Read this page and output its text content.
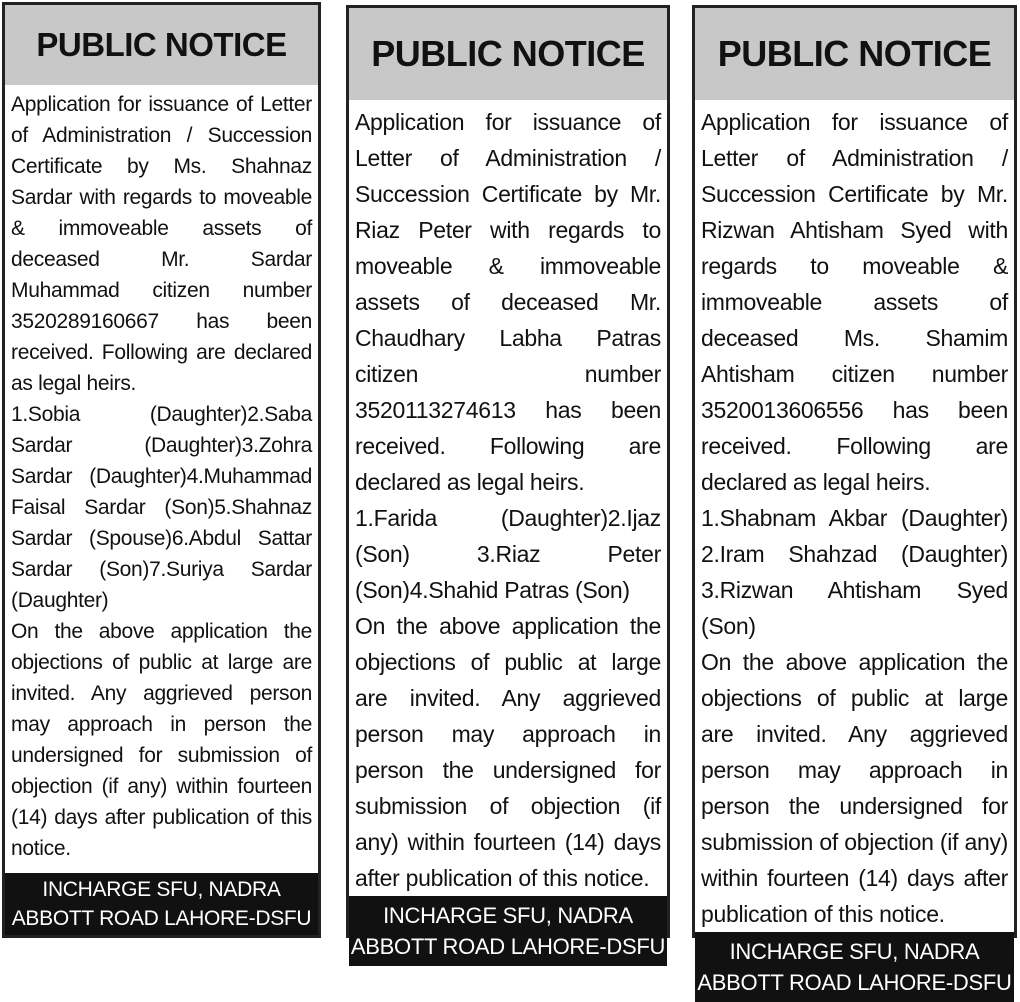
PUBLIC NOTICE

Application for issuance of Letter of Administration / Succession Certificate by Ms. Shahnaz Sardar with regards to moveable & immoveable assets of deceased Mr. Sardar Muhammad citizen number 3520289160667 has been received. Following are declared as legal heirs.

1.Sobia (Daughter)2.Saba Sardar (Daughter)3.Zohra Sardar (Daughter)4.Muhammad Faisal Sardar (Son)5.Shahnaz Sardar (Spouse)6.Abdul Sattar Sardar (Son)7.Suriya Sardar (Daughter)

On the above application the objections of public at large are invited. Any aggrieved person may approach in person the undersigned for submission of objection (if any) within fourteen (14) days after publication of this notice.

INCHARGE SFU, NADRA
ABBOTT ROAD LAHORE-DSFU
PUBLIC NOTICE

Application for issuance of Letter of Administration / Succession Certificate by Mr. Riaz Peter with regards to moveable & immoveable assets of deceased Mr. Chaudhary Labha Patras citizen number 3520113274613 has been received. Following are declared as legal heirs.

1.Farida (Daughter)2.Ijaz (Son) 3.Riaz Peter (Son)4.Shahid Patras (Son)

On the above application the objections of public at large are invited. Any aggrieved person may approach in person the undersigned for submission of objection (if any) within fourteen (14) days after publication of this notice.

INCHARGE SFU, NADRA
ABBOTT ROAD LAHORE-DSFU
PUBLIC NOTICE

Application for issuance of Letter of Administration / Succession Certificate by Mr. Rizwan Ahtisham Syed with regards to moveable & immoveable assets of deceased Ms. Shamim Ahtisham citizen number 3520013606556 has been received. Following are declared as legal heirs.

1.Shabnam Akbar (Daughter) 2.Iram Shahzad (Daughter) 3.Rizwan Ahtisham Syed (Son)

On the above application the objections of public at large are invited. Any aggrieved person may approach in person the undersigned for submission of objection (if any) within fourteen (14) days after publication of this notice.

INCHARGE SFU, NADRA
ABBOTT ROAD LAHORE-DSFU
